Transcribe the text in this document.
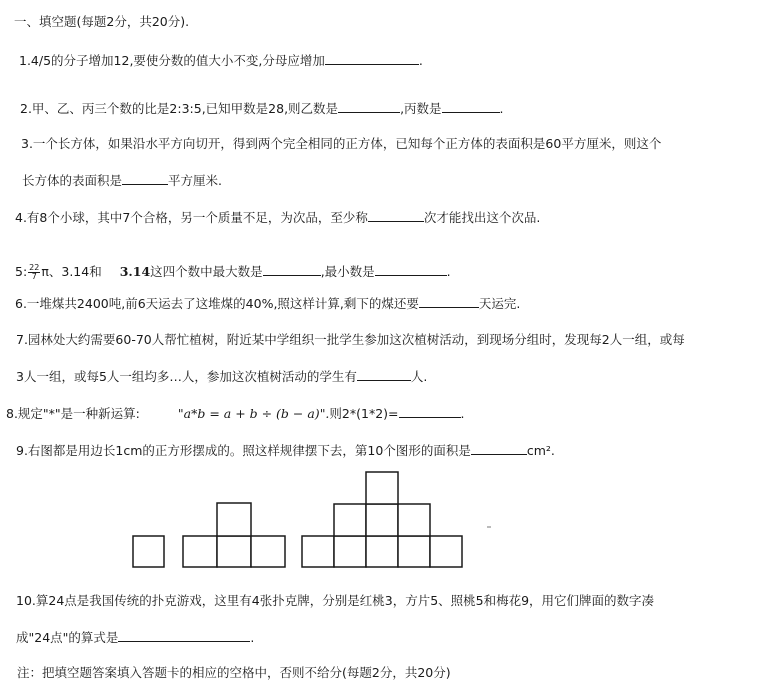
一、填空题(每题2分，共20分).
1.4/5的分子增加12,要使分数的值大小不变,分母应增加	.
2.甲、乙、丙三个数的比是2:3:5,已知甲数是28,则乙数是	,丙数是	.
3.一个长方体，如果沿水平方向切开，得到两个完全相同的正方体，已知每个正方体的表面积是60平方厘米，则这个
长方体的表面积是	平方厘米.
4.有8个小球，其中7个合格，另一个质量不足，为次品，至少称	次才能找出这个次品.
5: $\frac{22}{7}$ π、3.14和 3.14这四个数中最大数是	,最小数是	.
6.一堆煤共2400吨,前6天运去了这堆煤的40%,照这样计算,剩下的煤还要	天运完.
7.园林处大约需要60-70人帮忙植树，附近某中学组织一批学生参加这次植树活动，到现场分组时，发现每2人一组，或每
3人一组，或每5人一组均多…人，参加这次植树活动的学生有	人.
8.规定"*"是一种新运算:	"a*b = a + b ÷ (b − a)".则2*(1*2)=	.
9.右图都是用边长1cm的正方形摆成的。照这样规律摆下去，第10个图形的面积是	cm².
10.算24点是我国传统的扑克游戏，这里有4张扑克牌，分别是红桃3，方片5、照桃5和梅花9，用它们牌面的数字凑
成"24点"的算式是	.
注：把填空题答案填入答题卡的相应的空格中，否则不给分(每题2分，共20分)
